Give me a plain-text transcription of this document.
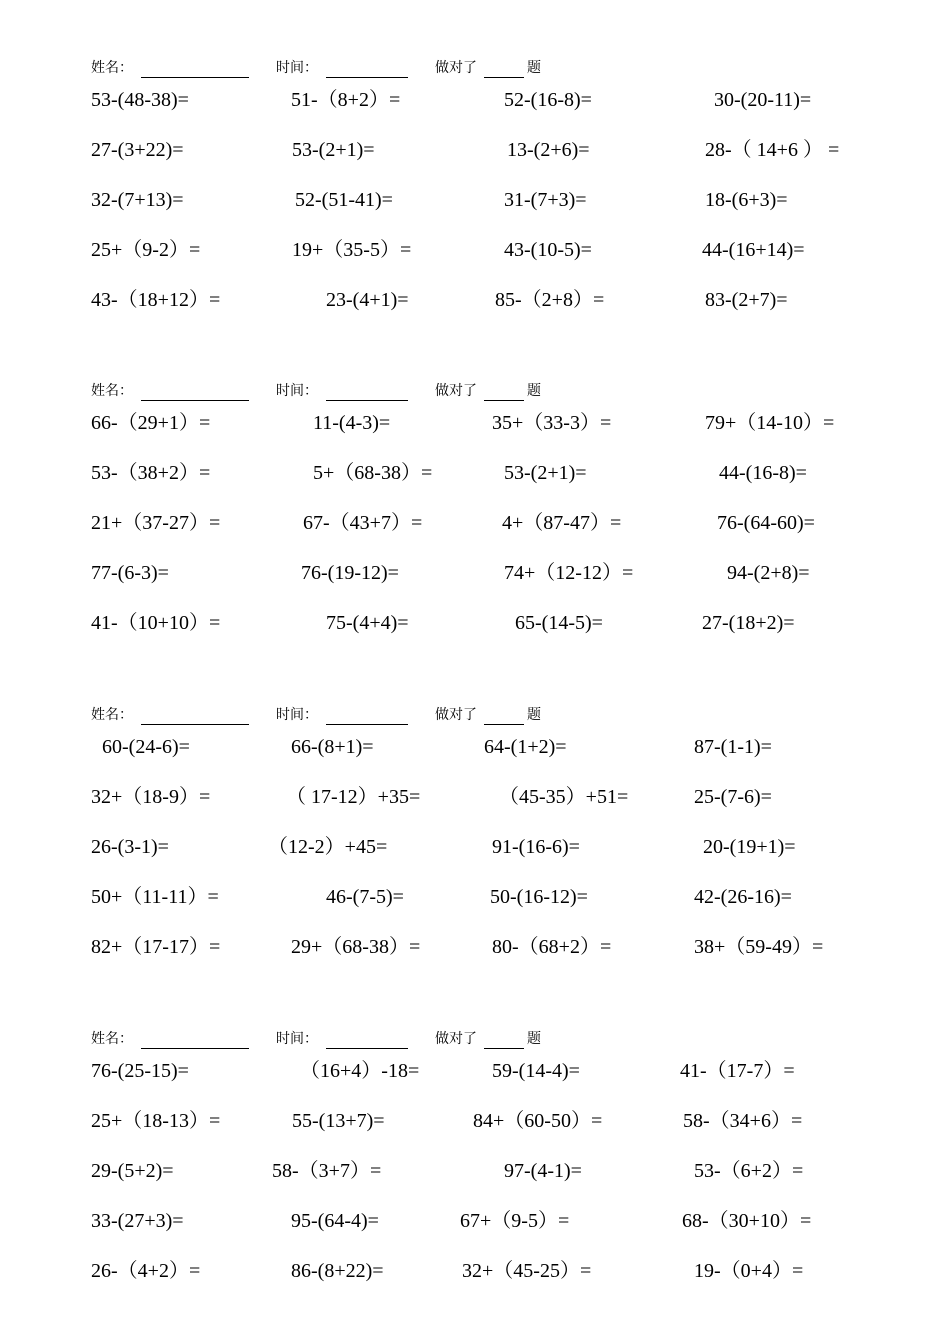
姓名：	时间：	做对了	题
53-(48-38)=	51-（8+2）=	52-(16-8)=	30-(20-11)=
27-(3+22)=	53-(2+1)=	13-(2+6)=	28-（ 14+6 ） =
32-(7+13)=	52-(51-41)=	31-(7+3)=	18-(6+3)=
25+（9-2）=	19+（35-5）=	43-(10-5)=	44-(16+14)=
43-（18+12）=	23-(4+1)=	85-（2+8）=	83-(2+7)=
姓名：	时间：	做对了	题
66-（29+1）=	11-(4-3)=	35+（33-3）=	79+（14-10）=
53-（38+2）=	5+（68-38）=	53-(2+1)=	44-(16-8)=
21+（37-27）=	67-（43+7）=	4+（87-47）=	76-(64-60)=
77-(6-3)=	76-(19-12)=	74+（12-12）=	94-(2+8)=
41-（10+10）=	75-(4+4)=	65-(14-5)=	27-(18+2)=
姓名：	时间：	做对了	题
60-(24-6)=	66-(8+1)=	64-(1+2)=	87-(1-1)=
32+（18-9）=	（ 17-12）+35=	（45-35）+51=	25-(7-6)=
26-(3-1)=	（12-2）+45=	91-(16-6)=	20-(19+1)=
50+（11-11）=	46-(7-5)=	50-(16-12)=	42-(26-16)=
82+（17-17）=	29+（68-38）=	80-（68+2）=	38+（59-49）=
姓名：	时间：	做对了	题
76-(25-15)=	（16+4）-18=	59-(14-4)=	41-（17-7）=
25+（18-13）=	55-(13+7)=	84+（60-50）=	58-（34+6）=
29-(5+2)=	58-（3+7）=	97-(4-1)=	53-（6+2）=
33-(27+3)=	95-(64-4)=	67+（9-5）=	68-（30+10）=
26-（4+2）=	86-(8+22)=	32+（45-25）=	19-（0+4）=
